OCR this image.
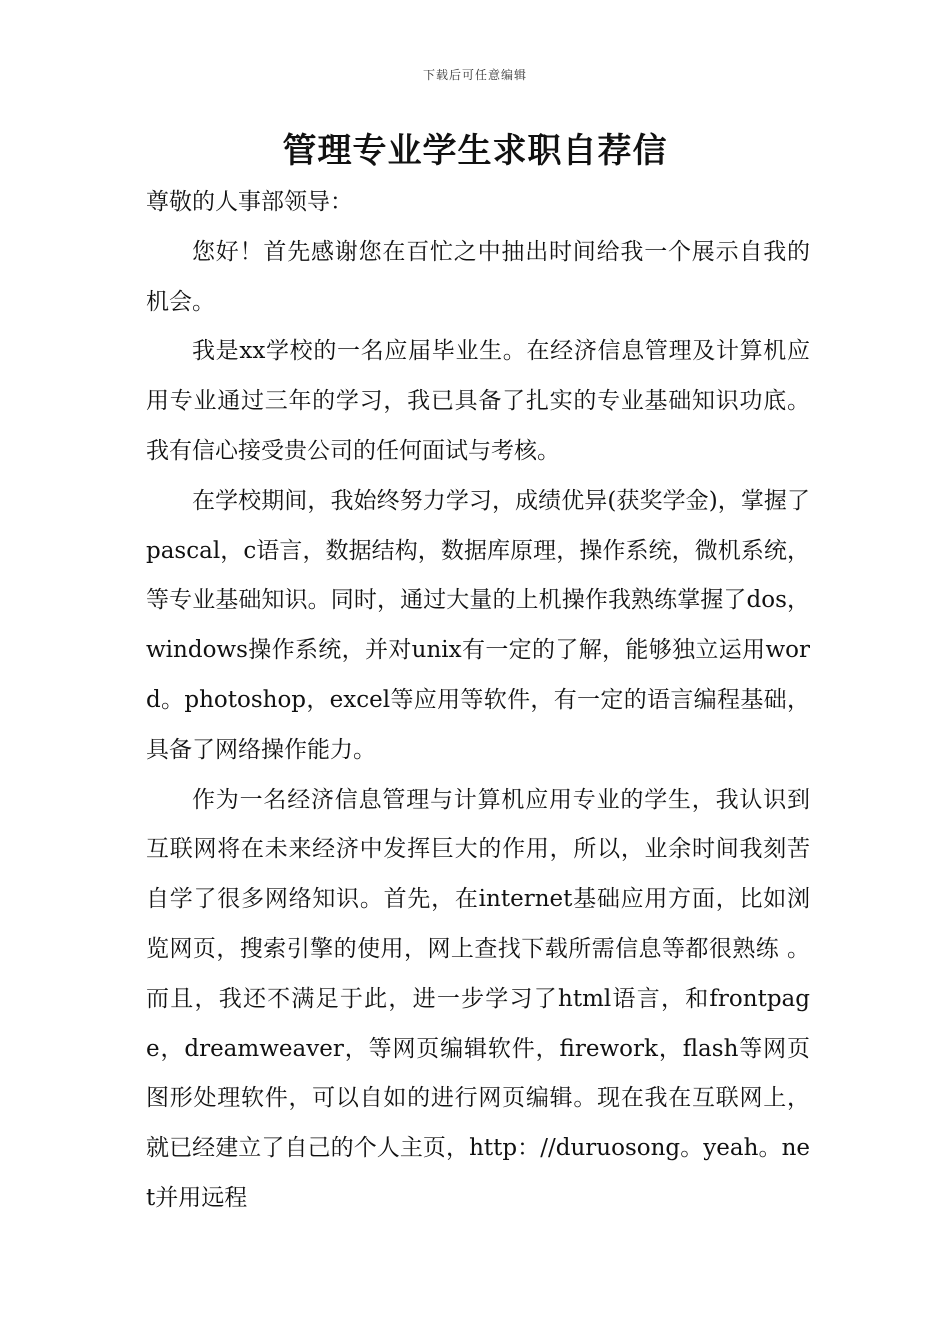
下载后可任意编辑
管理专业学生求职自荐信

尊敬的人事部领导：

您好！首先感谢您在百忙之中抽出时间给我一个展示自我的机会。

我是xx学校的一名应届毕业生。在经济信息管理及计算机应用专业通过三年的学习，我已具备了扎实的专业基础知识功底。我有信心接受贵公司的任何面试与考核。

在学校期间，我始终努力学习，成绩优异(获奖学金)，掌握了pascal，c语言，数据结构，数据库原理，操作系统，微机系统，等专业基础知识。同时，通过大量的上机操作我熟练掌握了dos，windows操作系统，并对unix有一定的了解，能够独立运用word。photoshop，excel等应用等软件，有一定的语言编程基础，具备了网络操作能力。

作为一名经济信息管理与计算机应用专业的学生，我认识到互联网将在未来经济中发挥巨大的作用，所以，业余时间我刻苦自学了很多网络知识。首先，在internet基础应用方面，比如浏览网页，搜索引擎的使用，网上查找下载所需信息等都很熟练 。而且，我还不满足于此，进一步学习了html语言，和frontpage，dreamweaver，等网页编辑软件，firework，flash等网页图形处理软件，可以自如的进行网页编辑。现在我在互联网上，就已经建立了自己的个人主页，http：//duruosong。yeah。net并用远程
